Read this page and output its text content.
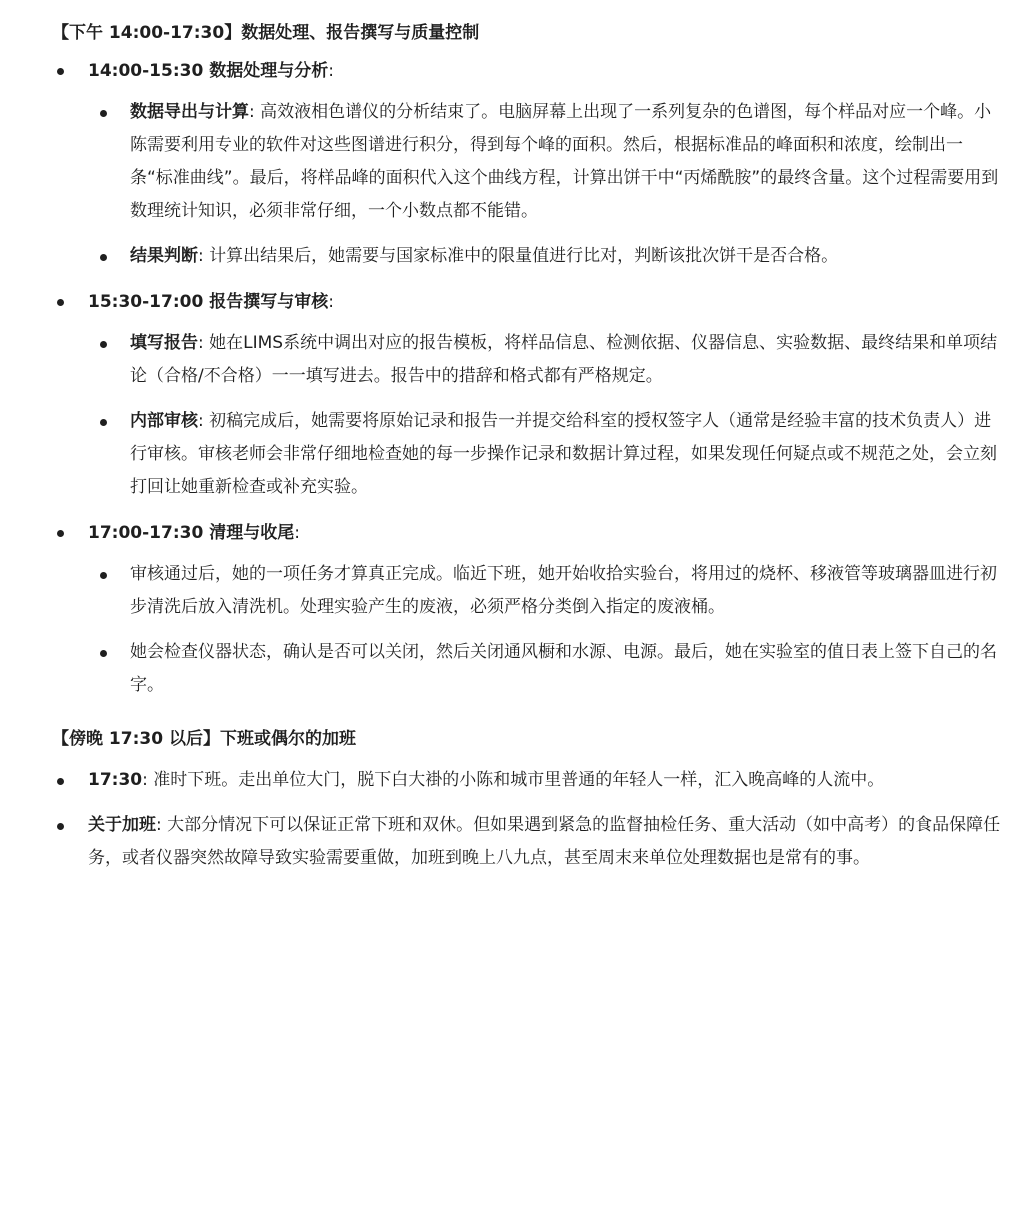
【下午 14:00-17:30】数据处理、报告撰写与质量控制
14:00-15:30 数据处理与分析:
数据导出与计算: 高效液相色谱仪的分析结束了。电脑屏幕上出现了一系列复杂的色谱图，每个样品对应一个峰。小陈需要利用专业的软件对这些图谱进行积分，得到每个峰的面积。然后，根据标准品的峰面积和浓度，绘制出一条“标准曲线”。最后，将样品峰的面积代入这个曲线方程，计算出饼干中“丙烯酰胺”的最终含量。这个过程需要用到数理统计知识，必须非常仔细，一个小数点都不能错。
结果判断: 计算出结果后，她需要与国家标准中的限量值进行比对，判断该批次饼干是否合格。
15:30-17:00 报告撰写与审核:
填写报告: 她在LIMS系统中调出对应的报告模板，将样品信息、检测依据、仪器信息、实验数据、最终结果和单项结论（合格/不合格）一一填写进去。报告中的措辞和格式都有严格规定。
内部审核: 初稿完成后，她需要将原始记录和报告一并提交给科室的授权签字人（通常是经验丰富的技术负责人）进行审核。审核老师会非常仔细地检查她的每一步操作记录和数据计算过程，如果发现任何疑点或不规范之处，会立刻打回让她重新检查或补充实验。
17:00-17:30 清理与收尾:
审核通过后，她的一项任务才算真正完成。临近下班，她开始收拾实验台，将用过的烧杯、移液管等玻璃器皿进行初步清洗后放入清洗机。处理实验产生的废液，必须严格分类倒入指定的废液桶。
她会检查仪器状态，确认是否可以关闭，然后关闭通风橱和水源、电源。最后，她在实验室的值日表上签下自己的名字。
【傍晚 17:30 以后】下班或偶尔的加班
17:30: 准时下班。走出单位大门，脱下白大褂的小陈和城市里普通的年轻人一样，汇入晚高峰的人流中。
关于加班: 大部分情况下可以保证正常下班和双休。但如果遇到紧急的监督抽检任务、重大活动（如中高考）的食品保障任务，或者仪器突然故障导致实验需要重做，加班到晚上八九点，甚至周末来单位处理数据也是常有的事。
